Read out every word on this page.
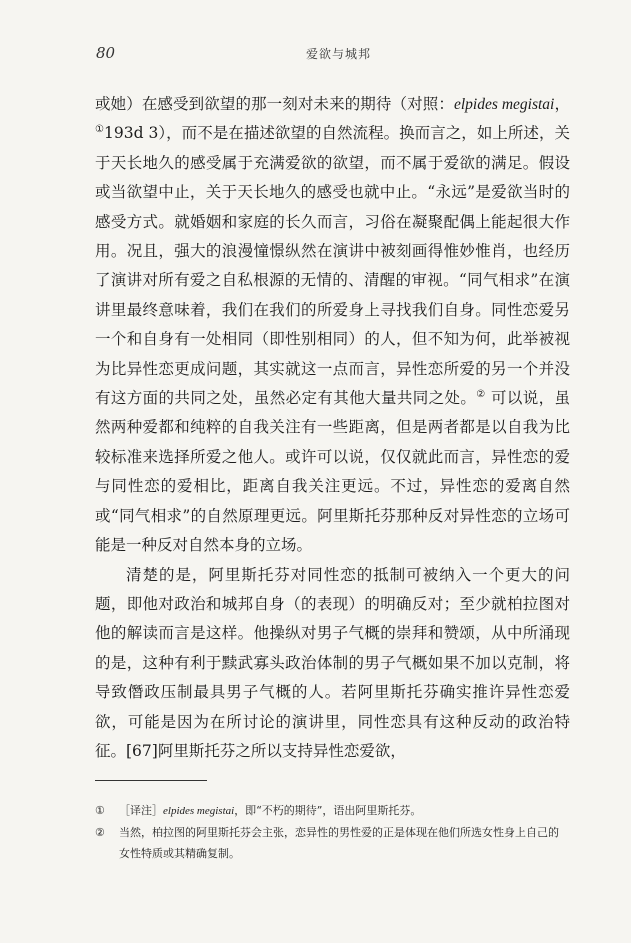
80	爱欲与城邦

或她）在感受到欲望的那一刻对未来的期待（对照：elpides megistai，①193d 3），而不是在描述欲望的自然流程。换而言之，如上所述，关于天长地久的感受属于充满爱欲的欲望，而不属于爱欲的满足。假设或当欲望中止，关于天长地久的感受也就中止。“永远”是爱欲当时的感受方式。就婚姻和家庭的长久而言，习俗在凝聚配偶上能起很大作用。况且，强大的浪漫憧憬纵然在演讲中被刻画得惟妙惟肖，也经历了演讲对所有爱之自私根源的无情的、清醒的审视。“同气相求”在演讲里最终意味着，我们在我们的所爱身上寻找我们自身。同性恋爱另一个和自身有一处相同（即性别相同）的人，但不知为何，此举被视为比异性恋更成问题，其实就这一点而言，异性恋所爱的另一个并没有这方面的共同之处，虽然必定有其他大量共同之处。② 可以说，虽然两种爱都和纯粹的自我关注有一些距离，但是两者都是以自我为比较标准来选择所爱之他人。或许可以说，仅仅就此而言，异性恋的爱与同性恋的爱相比，距离自我关注更远。不过，异性恋的爱离自然或“同气相求”的自然原理更远。阿里斯托芬那种反对异性恋的立场可能是一种反对自然本身的立场。

清楚的是，阿里斯托芬对同性恋的抵制可被纳入一个更大的问题，即他对政治和城邦自身（的表现）的明确反对；至少就柏拉图对他的解读而言是这样。他操纵对男子气概的崇拜和赞颂，从中所涌现的是，这种有利于黩武寡头政治体制的男子气概如果不加以克制，将导致僭政压制最具男子气概的人。若阿里斯托芬确实推许异性恋爱欲，可能是因为在所讨论的演讲里，同性恋具有这种反动的政治特征。[67]阿里斯托芬之所以支持异性恋爱欲，

① ［译注］elpides megistai，即“不朽的期待”，语出阿里斯托芬。
② 当然，柏拉图的阿里斯托芬会主张，恋异性的男性爱的正是体现在他们所选女性身上自己的女性特质或其精确复制。
